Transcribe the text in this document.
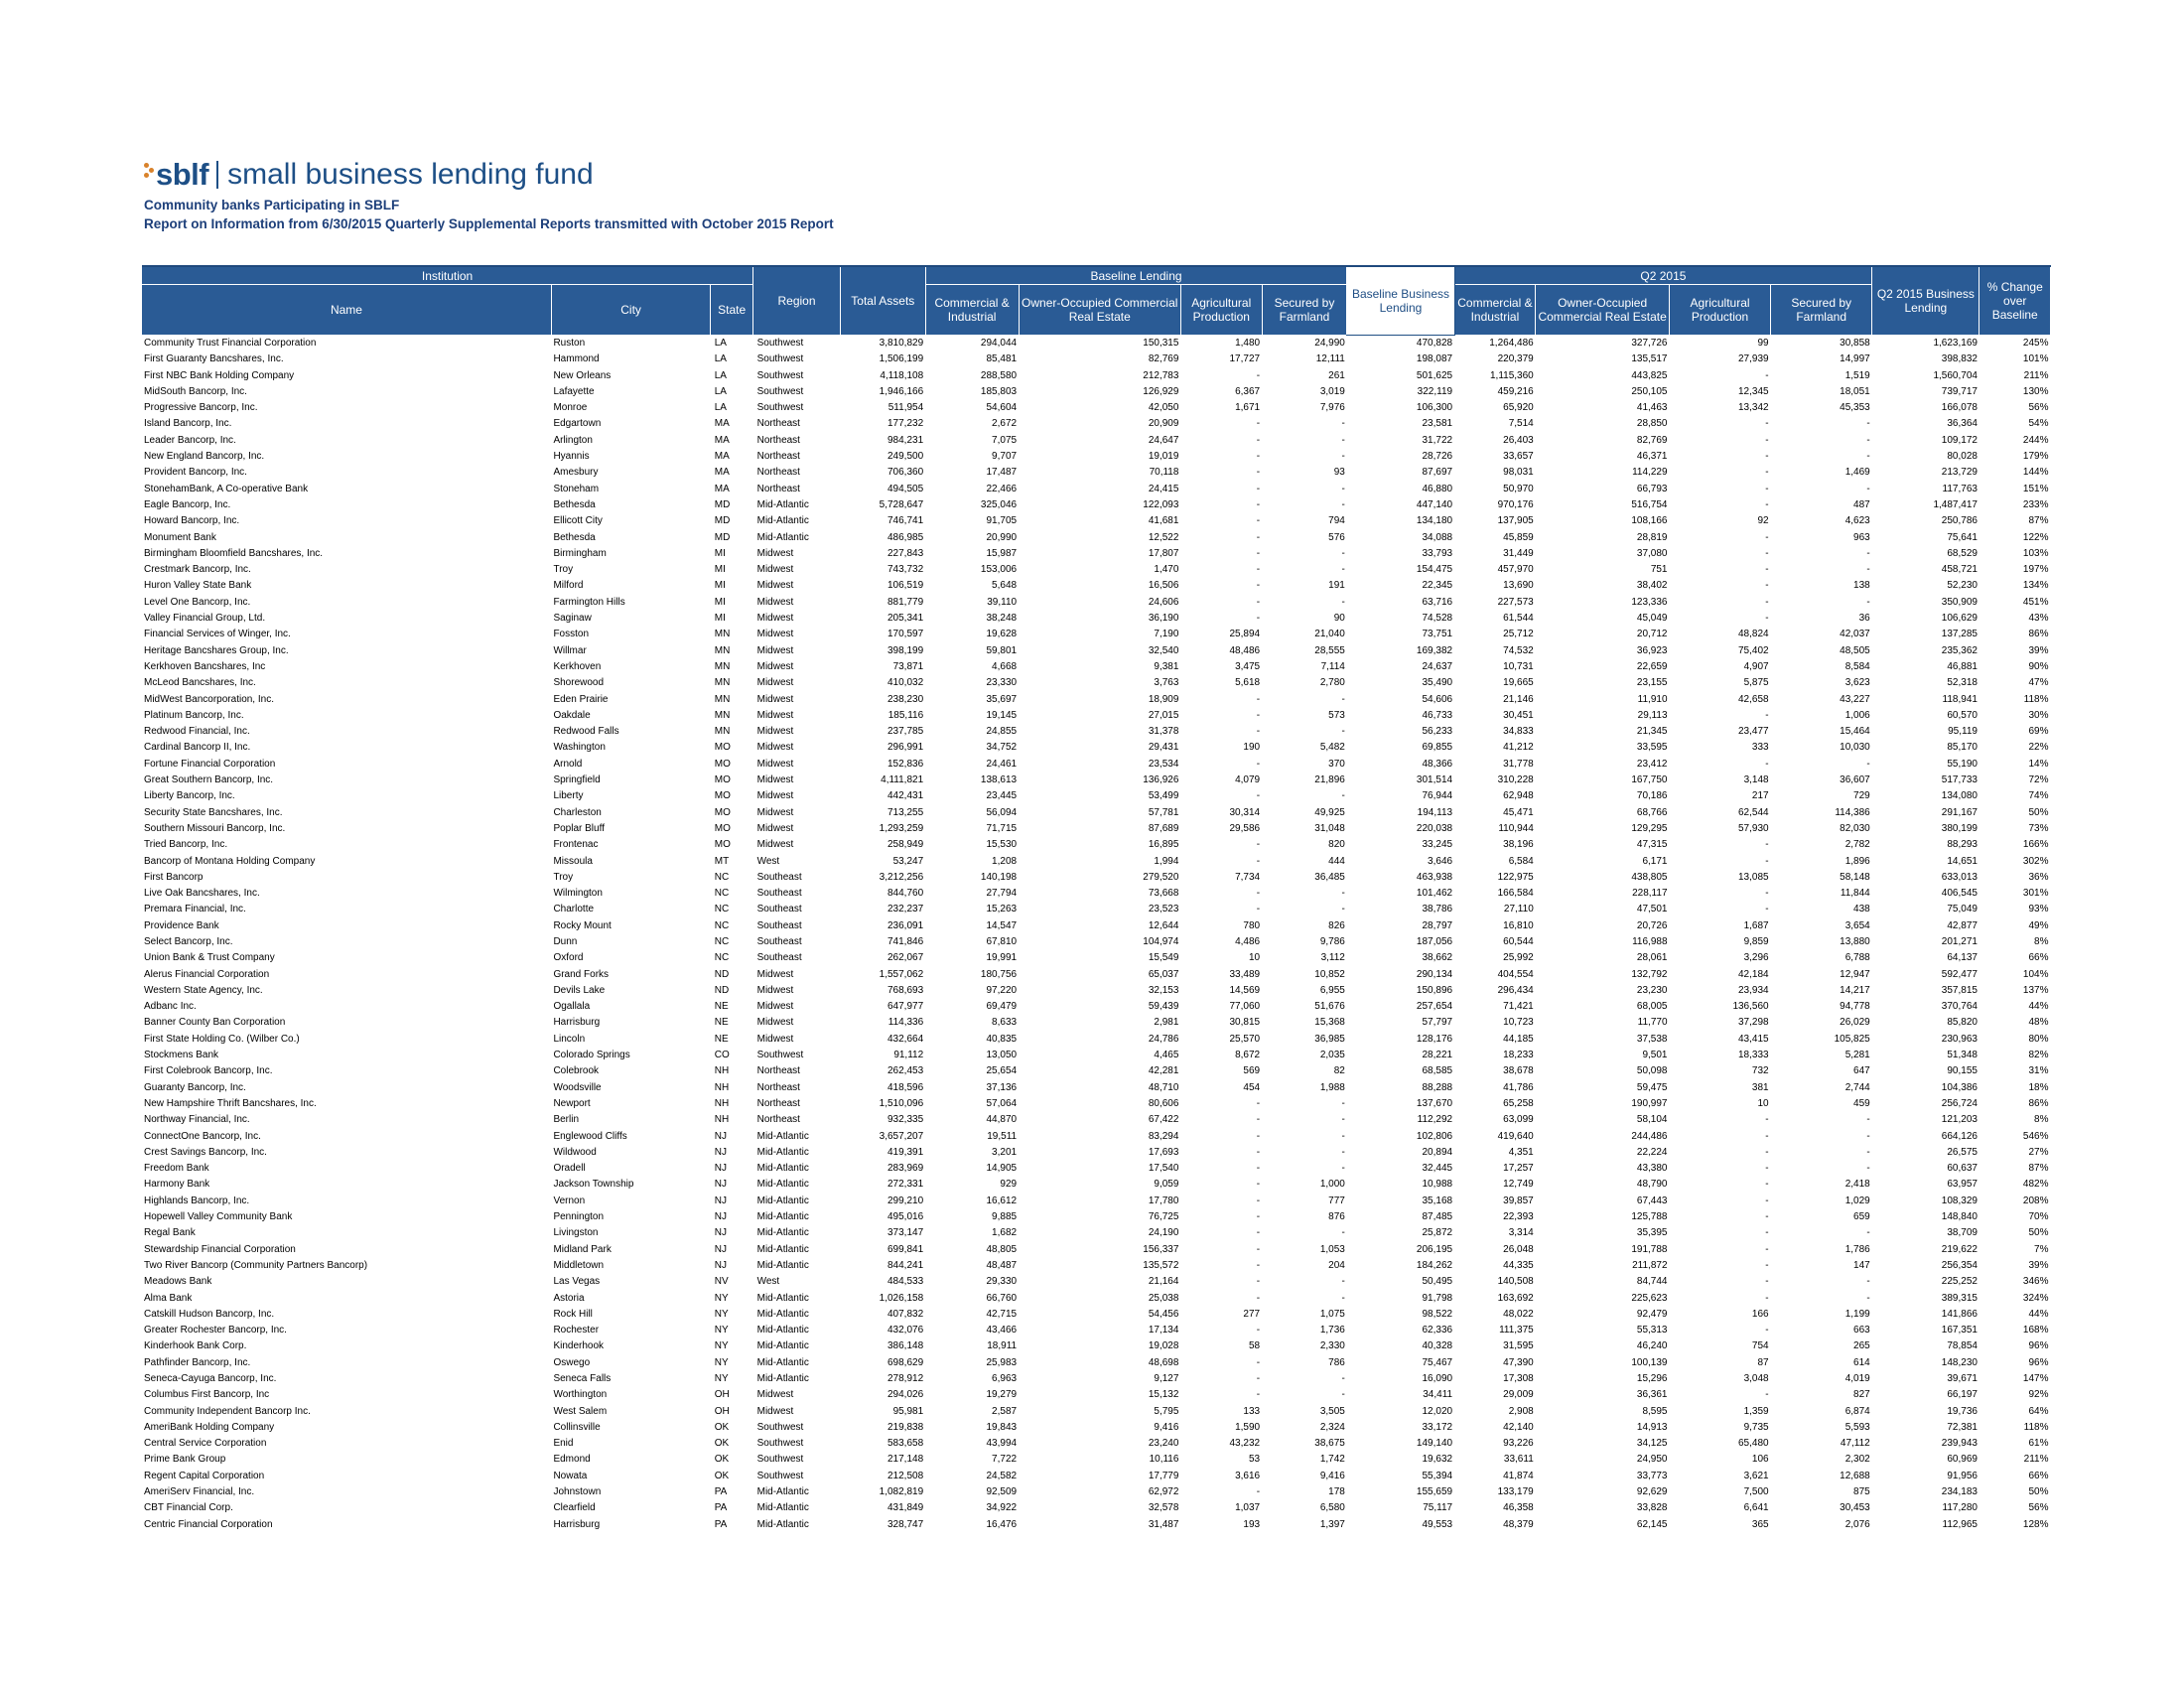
sblf small business lending fund
Community banks Participating in SBLF
Report on Information from 6/30/2015 Quarterly Supplemental Reports transmitted with October 2015 Report
Institution			Region	Total Assets	Baseline Lending				Baseline Business Lending	Q2 2015				Q2 2015 Business Lending	% Change over Baseline
Name	City	State			Commercial & Industrial	Owner-Occupied Commercial Real Estate	Agricultural Production	Secured by Farmland		Commercial & Industrial	Owner-Occupied Commercial Real Estate	Agricultural Production	Secured by Farmland		
Community Trust Financial Corporation	Ruston	LA	Southwest	3,810,829	294,044	150,315	1,480	24,990	470,828	1,264,486	327,726	99	30,858	1,623,169	245%
First Guaranty Bancshares, Inc.	Hammond	LA	Southwest	1,506,199	85,481	82,769	17,727	12,111	198,087	220,379	135,517	27,939	14,997	398,832	101%
First NBC Bank Holding Company	New Orleans	LA	Southwest	4,118,108	288,580	212,783	-	261	501,625	1,115,360	443,825	-	1,519	1,560,704	211%
MidSouth Bancorp, Inc.	Lafayette	LA	Southwest	1,946,166	185,803	126,929	6,367	3,019	322,119	459,216	250,105	12,345	18,051	739,717	130%
Progressive Bancorp, Inc.	Monroe	LA	Southwest	511,954	54,604	42,050	1,671	7,976	106,300	65,920	41,463	13,342	45,353	166,078	56%
Island Bancorp, Inc.	Edgartown	MA	Northeast	177,232	2,672	20,909	-	-	23,581	7,514	28,850	-	-	36,364	54%
Leader Bancorp, Inc.	Arlington	MA	Northeast	984,231	7,075	24,647	-	-	31,722	26,403	82,769	-	-	109,172	244%
New England Bancorp, Inc.	Hyannis	MA	Northeast	249,500	9,707	19,019	-	-	28,726	33,657	46,371	-	-	80,028	179%
Provident Bancorp, Inc.	Amesbury	MA	Northeast	706,360	17,487	70,118	-	93	87,697	98,031	114,229	-	1,469	213,729	144%
StonehamBank, A Co-operative Bank	Stoneham	MA	Northeast	494,505	22,466	24,415	-	-	46,880	50,970	66,793	-	-	117,763	151%
Eagle Bancorp, Inc.	Bethesda	MD	Mid-Atlantic	5,728,647	325,046	122,093	-	-	447,140	970,176	516,754	-	487	1,487,417	233%
Howard Bancorp, Inc.	Ellicott City	MD	Mid-Atlantic	746,741	91,705	41,681	-	794	134,180	137,905	108,166	92	4,623	250,786	87%
Monument Bank	Bethesda	MD	Mid-Atlantic	486,985	20,990	12,522	-	576	34,088	45,859	28,819	-	963	75,641	122%
Birmingham Bloomfield Bancshares, Inc.	Birmingham	MI	Midwest	227,843	15,987	17,807	-	-	33,793	31,449	37,080	-	-	68,529	103%
Crestmark Bancorp, Inc.	Troy	MI	Midwest	743,732	153,006	1,470	-	-	154,475	457,970	751	-	-	458,721	197%
Huron Valley State Bank	Milford	MI	Midwest	106,519	5,648	16,506	-	191	22,345	13,690	38,402	-	138	52,230	134%
Level One Bancorp, Inc.	Farmington Hills	MI	Midwest	881,779	39,110	24,606	-	-	63,716	227,573	123,336	-	-	350,909	451%
Valley Financial Group, Ltd.	Saginaw	MI	Midwest	205,341	38,248	36,190	-	90	74,528	61,544	45,049	-	36	106,629	43%
Financial Services of Winger, Inc.	Fosston	MN	Midwest	170,597	19,628	7,190	25,894	21,040	73,751	25,712	20,712	48,824	42,037	137,285	86%
Heritage Bancshares Group, Inc.	Willmar	MN	Midwest	398,199	59,801	32,540	48,486	28,555	169,382	74,532	36,923	75,402	48,505	235,362	39%
Kerkhoven Bancshares, Inc	Kerkhoven	MN	Midwest	73,871	4,668	9,381	3,475	7,114	24,637	10,731	22,659	4,907	8,584	46,881	90%
McLeod Bancshares, Inc.	Shorewood	MN	Midwest	410,032	23,330	3,763	5,618	2,780	35,490	19,665	23,155	5,875	3,623	52,318	47%
MidWest Bancorporation, Inc.	Eden Prairie	MN	Midwest	238,230	35,697	18,909	-	-	54,606	21,146	11,910	42,658	43,227	118,941	118%
Platinum Bancorp, Inc.	Oakdale	MN	Midwest	185,116	19,145	27,015	-	573	46,733	30,451	29,113	-	1,006	60,570	30%
Redwood Financial, Inc.	Redwood Falls	MN	Midwest	237,785	24,855	31,378	-	-	56,233	34,833	21,345	23,477	15,464	95,119	69%
Cardinal Bancorp II, Inc.	Washington	MO	Midwest	296,991	34,752	29,431	190	5,482	69,855	41,212	33,595	333	10,030	85,170	22%
Fortune Financial Corporation	Arnold	MO	Midwest	152,836	24,461	23,534	-	370	48,366	31,778	23,412	-	-	55,190	14%
Great Southern Bancorp, Inc.	Springfield	MO	Midwest	4,111,821	138,613	136,926	4,079	21,896	301,514	310,228	167,750	3,148	36,607	517,733	72%
Liberty Bancorp, Inc.	Liberty	MO	Midwest	442,431	23,445	53,499	-	-	76,944	62,948	70,186	217	729	134,080	74%
Security State Bancshares, Inc.	Charleston	MO	Midwest	713,255	56,094	57,781	30,314	49,925	194,113	45,471	68,766	62,544	114,386	291,167	50%
Southern Missouri Bancorp, Inc.	Poplar Bluff	MO	Midwest	1,293,259	71,715	87,689	29,586	31,048	220,038	110,944	129,295	57,930	82,030	380,199	73%
Tried Bancorp, Inc.	Frontenac	MO	Midwest	258,949	15,530	16,895	-	820	33,245	38,196	47,315	-	2,782	88,293	166%
Bancorp of Montana Holding Company	Missoula	MT	West	53,247	1,208	1,994	-	444	3,646	6,584	6,171	-	1,896	14,651	302%
First Bancorp	Troy	NC	Southeast	3,212,256	140,198	279,520	7,734	36,485	463,938	122,975	438,805	13,085	58,148	633,013	36%
Live Oak Bancshares, Inc.	Wilmington	NC	Southeast	844,760	27,794	73,668	-	-	101,462	166,584	228,117	-	11,844	406,545	301%
Premara Financial, Inc.	Charlotte	NC	Southeast	232,237	15,263	23,523	-	-	38,786	27,110	47,501	-	438	75,049	93%
Providence Bank	Rocky Mount	NC	Southeast	236,091	14,547	12,644	780	826	28,797	16,810	20,726	1,687	3,654	42,877	49%
Select Bancorp, Inc.	Dunn	NC	Southeast	741,846	67,810	104,974	4,486	9,786	187,056	60,544	116,988	9,859	13,880	201,271	8%
Union Bank & Trust Company	Oxford	NC	Southeast	262,067	19,991	15,549	10	3,112	38,662	25,992	28,061	3,296	6,788	64,137	66%
Alerus Financial Corporation	Grand Forks	ND	Midwest	1,557,062	180,756	65,037	33,489	10,852	290,134	404,554	132,792	42,184	12,947	592,477	104%
Western State Agency, Inc.	Devils Lake	ND	Midwest	768,693	97,220	32,153	14,569	6,955	150,896	296,434	23,230	23,934	14,217	357,815	137%
Adbanc Inc.	Ogallala	NE	Midwest	647,977	69,479	59,439	77,060	51,676	257,654	71,421	68,005	136,560	94,778	370,764	44%
Banner County Ban Corporation	Harrisburg	NE	Midwest	114,336	8,633	2,981	30,815	15,368	57,797	10,723	11,770	37,298	26,029	85,820	48%
First State Holding Co. (Wilber Co.)	Lincoln	NE	Midwest	432,664	40,835	24,786	25,570	36,985	128,176	44,185	37,538	43,415	105,825	230,963	80%
Stockmens Bank	Colorado Springs	CO	Southwest	91,112	13,050	4,465	8,672	2,035	28,221	18,233	9,501	18,333	5,281	51,348	82%
First Colebrook Bancorp, Inc.	Colebrook	NH	Northeast	262,453	25,654	42,281	569	82	68,585	38,678	50,098	732	647	90,155	31%
Guaranty Bancorp, Inc.	Woodsville	NH	Northeast	418,596	37,136	48,710	454	1,988	88,288	41,786	59,475	381	2,744	104,386	18%
New Hampshire Thrift Bancshares, Inc.	Newport	NH	Northeast	1,510,096	57,064	80,606	-	-	137,670	65,258	190,997	10	459	256,724	86%
Northway Financial, Inc.	Berlin	NH	Northeast	932,335	44,870	67,422	-	-	112,292	63,099	58,104	-	-	121,203	8%
ConnectOne Bancorp, Inc.	Englewood Cliffs	NJ	Mid-Atlantic	3,657,207	19,511	83,294	-	-	102,806	419,640	244,486	-	-	664,126	546%
Crest Savings Bancorp, Inc.	Wildwood	NJ	Mid-Atlantic	419,391	3,201	17,693	-	-	20,894	4,351	22,224	-	-	26,575	27%
Freedom Bank	Oradell	NJ	Mid-Atlantic	283,969	14,905	17,540	-	-	32,445	17,257	43,380	-	-	60,637	87%
Harmony Bank	Jackson Township	NJ	Mid-Atlantic	272,331	929	9,059	-	1,000	10,988	12,749	48,790	-	2,418	63,957	482%
Highlands Bancorp, Inc.	Vernon	NJ	Mid-Atlantic	299,210	16,612	17,780	-	777	35,168	39,857	67,443	-	1,029	108,329	208%
Hopewell Valley Community Bank	Pennington	NJ	Mid-Atlantic	495,016	9,885	76,725	-	876	87,485	22,393	125,788	-	659	148,840	70%
Regal Bank	Livingston	NJ	Mid-Atlantic	373,147	1,682	24,190	-	-	25,872	3,314	35,395	-	-	38,709	50%
Stewardship Financial Corporation	Midland Park	NJ	Mid-Atlantic	699,841	48,805	156,337	-	1,053	206,195	26,048	191,788	-	1,786	219,622	7%
Two River Bancorp (Community Partners Bancorp)	Middletown	NJ	Mid-Atlantic	844,241	48,487	135,572	-	204	184,262	44,335	211,872	-	147	256,354	39%
Meadows Bank	Las Vegas	NV	West	484,533	29,330	21,164	-	-	50,495	140,508	84,744	-	-	225,252	346%
Alma Bank	Astoria	NY	Mid-Atlantic	1,026,158	66,760	25,038	-	-	91,798	163,692	225,623	-	-	389,315	324%
Catskill Hudson Bancorp, Inc.	Rock Hill	NY	Mid-Atlantic	407,832	42,715	54,456	277	1,075	98,522	48,022	92,479	166	1,199	141,866	44%
Greater Rochester Bancorp, Inc.	Rochester	NY	Mid-Atlantic	432,076	43,466	17,134	-	1,736	62,336	111,375	55,313	-	663	167,351	168%
Kinderhook Bank Corp.	Kinderhook	NY	Mid-Atlantic	386,148	18,911	19,028	58	2,330	40,328	31,595	46,240	754	265	78,854	96%
Pathfinder Bancorp, Inc.	Oswego	NY	Mid-Atlantic	698,629	25,983	48,698	-	786	75,467	47,390	100,139	87	614	148,230	96%
Seneca-Cayuga Bancorp, Inc.	Seneca Falls	NY	Mid-Atlantic	278,912	6,963	9,127	-	-	16,090	17,308	15,296	3,048	4,019	39,671	147%
Columbus First Bancorp, Inc	Worthington	OH	Midwest	294,026	19,279	15,132	-	-	34,411	29,009	36,361	-	827	66,197	92%
Community Independent Bancorp Inc.	West Salem	OH	Midwest	95,981	2,587	5,795	133	3,505	12,020	2,908	8,595	1,359	6,874	19,736	64%
AmeriBank Holding Company	Collinsville	OK	Southwest	219,838	19,843	9,416	1,590	2,324	33,172	42,140	14,913	9,735	5,593	72,381	118%
Central Service Corporation	Enid	OK	Southwest	583,658	43,994	23,240	43,232	38,675	149,140	93,226	34,125	65,480	47,112	239,943	61%
Prime Bank Group	Edmond	OK	Southwest	217,148	7,722	10,116	53	1,742	19,632	33,611	24,950	106	2,302	60,969	211%
Regent Capital Corporation	Nowata	OK	Southwest	212,508	24,582	17,779	3,616	9,416	55,394	41,874	33,773	3,621	12,688	91,956	66%
AmeriServ Financial, Inc.	Johnstown	PA	Mid-Atlantic	1,082,819	92,509	62,972	-	178	155,659	133,179	92,629	7,500	875	234,183	50%
CBT Financial Corp.	Clearfield	PA	Mid-Atlantic	431,849	34,922	32,578	1,037	6,580	75,117	46,358	33,828	6,641	30,453	117,280	56%
Centric Financial Corporation	Harrisburg	PA	Mid-Atlantic	328,747	16,476	31,487	193	1,397	49,553	48,379	62,145	365	2,076	112,965	128%
